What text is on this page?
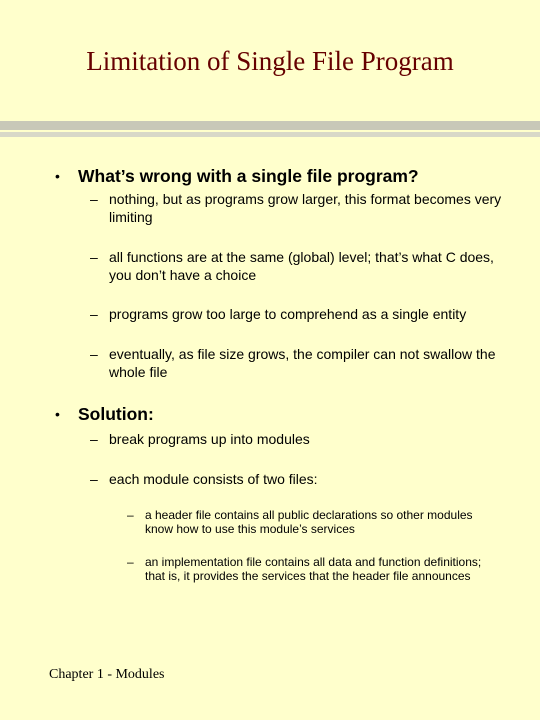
Limitation of Single File Program
• What’s wrong with a single file program?
– nothing, but as programs grow larger, this format becomes very limiting
– all functions are at the same (global) level; that’s what C does, you don’t have a choice
– programs grow too large to comprehend as a single entity
– eventually, as file size grows, the compiler can not swallow the whole file
• Solution:
– break programs up into modules
– each module consists of two files:
– a header file contains all public declarations so other modules know how to use this module’s services
– an implementation file contains all data and function definitions; that is, it provides the services that the header file announces
Chapter 1 - Modules
